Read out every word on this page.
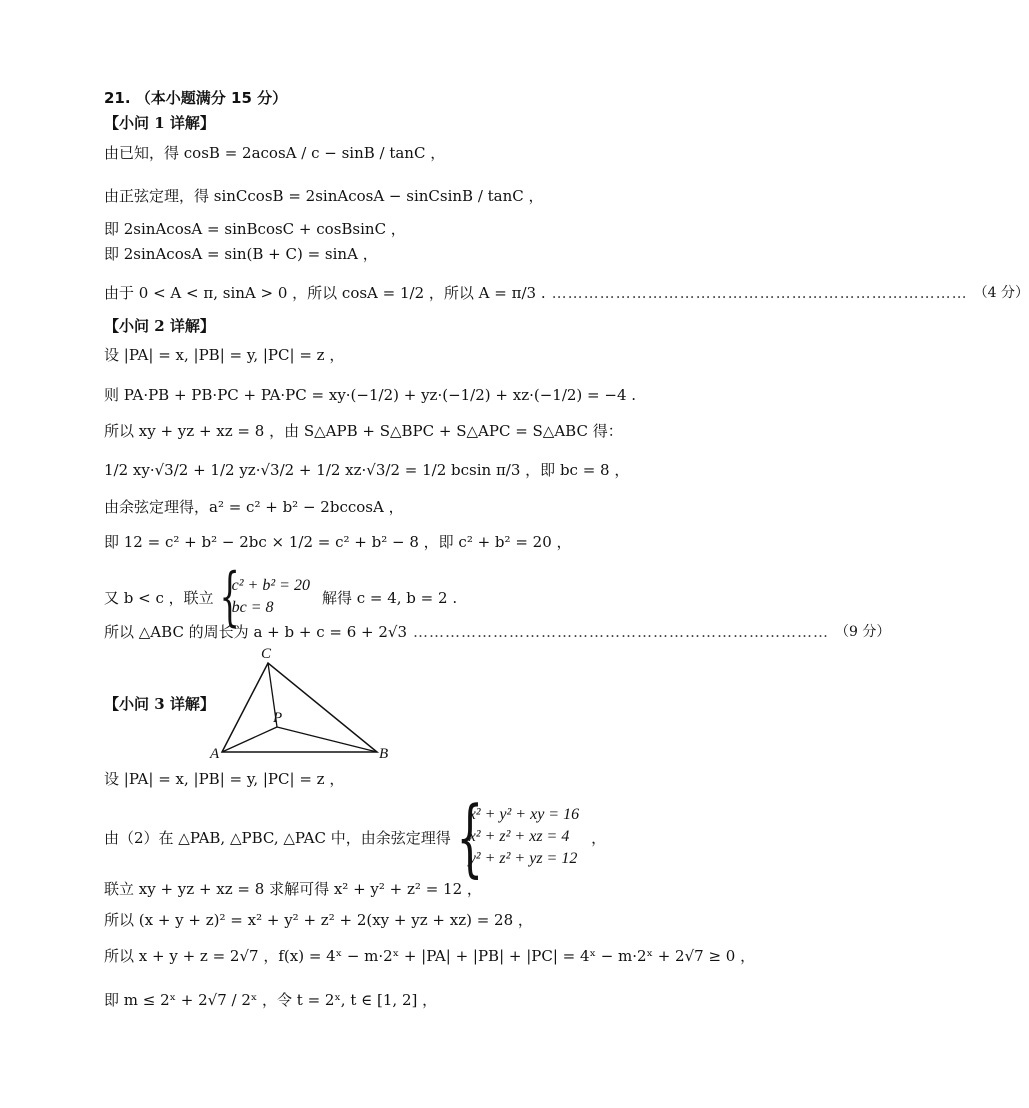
21. （本小题满分 15 分）
【小问 1 详解】
由已知，得 cosB = 2acosA / c − sinB / tanC ，
由正弦定理，得 sinCcosB = 2sinAcosA − sinCsinB / tanC ，
即 2sinAcosA = sinBcosC + cosBsinC ，
即 2sinAcosA = sin(B + C) = sinA ，
由于 0 < A < π, sinA > 0 ，所以 cosA = 1/2 ，所以 A = π/3 . …………………………………………………………………… （4 分）
【小问 2 详解】
设 |PA| = x, |PB| = y, |PC| = z ，
则 PA·PB + PB·PC + PA·PC = xy·(−1/2) + yz·(−1/2) + xz·(−1/2) = −4 .
所以 xy + yz + xz = 8 ，由 S△APB + S△BPC + S△APC = S△ABC 得：
1/2 xy·√3/2 + 1/2 yz·√3/2 + 1/2 xz·√3/2 = 1/2 bcsin π/3 ，即 bc = 8 ，
由余弦定理得，a² = c² + b² − 2bccosA ，
即 12 = c² + b² − 2bc × 1/2 = c² + b² − 8 ，即 c² + b² = 20 ，
又 b < c ，联立 {
c² + b² = 20
bc = 8
解得 c = 4, b = 2 .
所以 △ABC 的周长为 a + b + c = 6 + 2√3 …………………………………………………………………… （9 分）
A	B
C
P
【小问 3 详解】
设 |PA| = x, |PB| = y, |PC| = z ，
由（2）在 △PAB, △PBC, △PAC 中，由余弦定理得 {
x² + y² + xy = 16
x² + z² + xz = 4
y² + z² + yz = 12
，
联立 xy + yz + xz = 8 求解可得 x² + y² + z² = 12 ，
所以 (x + y + z)² = x² + y² + z² + 2(xy + yz + xz) = 28 ，
所以 x + y + z = 2√7 ，f(x) = 4ˣ − m·2ˣ + |PA| + |PB| + |PC| = 4ˣ − m·2ˣ + 2√7 ≥ 0 ，
即 m ≤ 2ˣ + 2√7 / 2ˣ ，令 t = 2ˣ, t ∈ [1, 2] ，
